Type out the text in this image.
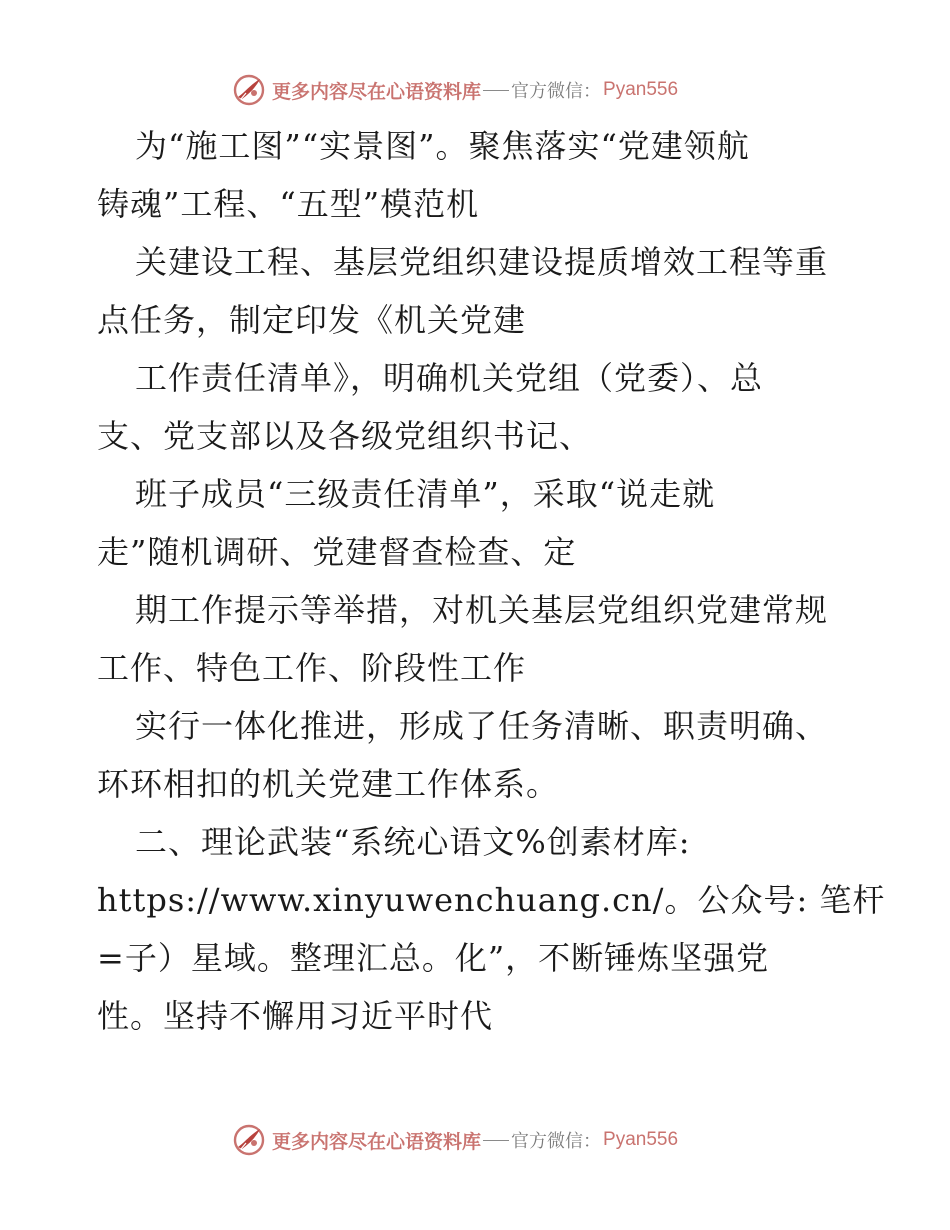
更多内容尽在心语资料库 官方微信： Pyan556
为“施工图”“实景图”。聚焦落实“党建领航
铸魂”工程、“五型”模范机
关建设工程、基层党组织建设提质增效工程等重
点任务，制定印发《机关党建
工作责任清单》，明确机关党组（党委）、总
支、党支部以及各级党组织书记、
班子成员“三级责任清单”，采取“说走就
走”随机调研、党建督查检查、定
期工作提示等举措，对机关基层党组织党建常规
工作、特色工作、阶段性工作
实行一体化推进，形成了任务清晰、职责明确、
环环相扣的机关党建工作体系。
二、理论武装“系统心语文%创素材库:
https://www.xinyuwenchuang.cn/。公众号: 笔杆
=子）星域。整理汇总。化”，不断锤炼坚强党
性。坚持不懈用习近平时代
更多内容尽在心语资料库 官方微信： Pyan556
